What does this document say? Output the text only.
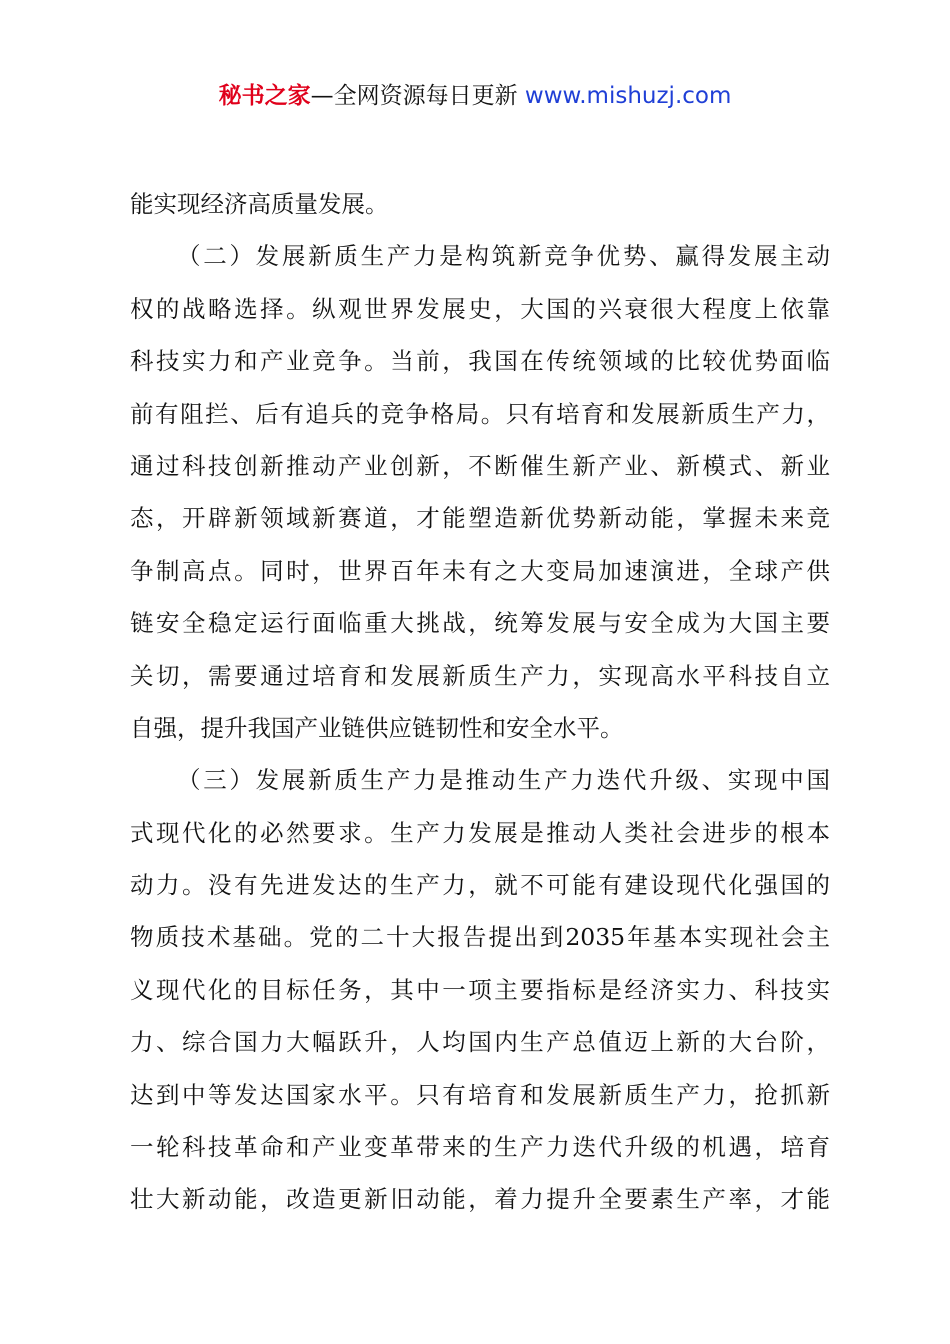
秘书之家—全网资源每日更新 www.mishuzj.com
能实现经济高质量发展。
（二）发展新质生产力是构筑新竞争优势、赢得发展主动
权的战略选择。纵观世界发展史，大国的兴衰很大程度上依靠
科技实力和产业竞争。当前，我国在传统领域的比较优势面临
前有阻拦、后有追兵的竞争格局。只有培育和发展新质生产力，
通过科技创新推动产业创新，不断催生新产业、新模式、新业
态，开辟新领域新赛道，才能塑造新优势新动能，掌握未来竞
争制高点。同时，世界百年未有之大变局加速演进，全球产供
链安全稳定运行面临重大挑战，统筹发展与安全成为大国主要
关切，需要通过培育和发展新质生产力，实现高水平科技自立
自强，提升我国产业链供应链韧性和安全水平。
（三）发展新质生产力是推动生产力迭代升级、实现中国
式现代化的必然要求。生产力发展是推动人类社会进步的根本
动力。没有先进发达的生产力，就不可能有建设现代化强国的
物质技术基础。党的二十大报告提出到2035年基本实现社会主
义现代化的目标任务，其中一项主要指标是经济实力、科技实
力、综合国力大幅跃升，人均国内生产总值迈上新的大台阶，
达到中等发达国家水平。只有培育和发展新质生产力，抢抓新
一轮科技革命和产业变革带来的生产力迭代升级的机遇，培育
壮大新动能，改造更新旧动能，着力提升全要素生产率，才能
